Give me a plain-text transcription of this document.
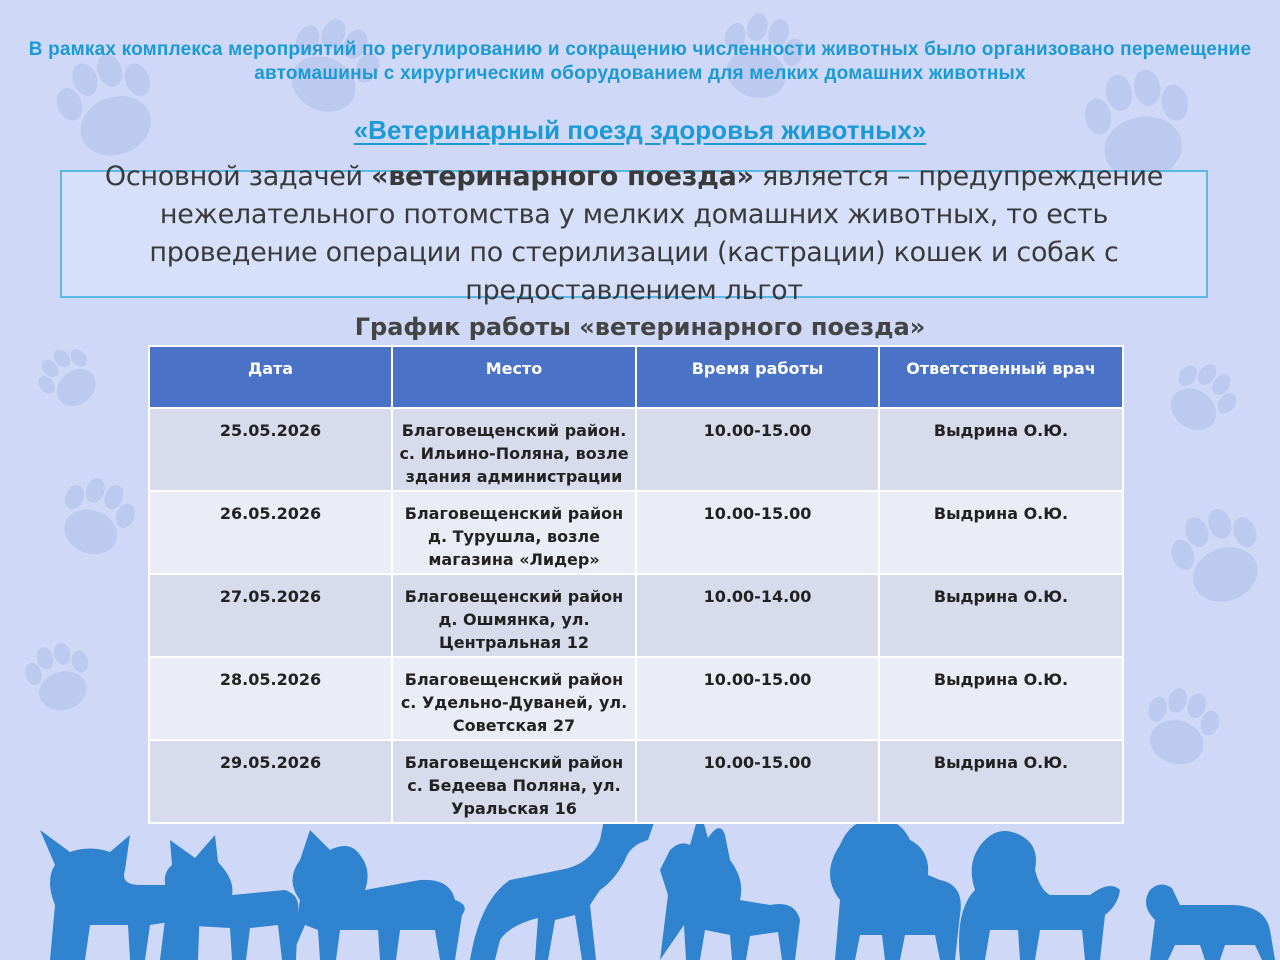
В рамках комплекса мероприятий по регулированию и сокращению численности животных было организовано перемещение автомашины с хирургическим оборудованием для мелких домашних животных
«Ветеринарный поезд здоровья животных»
Основной задачей «ветеринарного поезда» является – предупреждение нежелательного потомства у мелких домашних животных, то есть проведение операции по стерилизации (кастрации) кошек и собак с предоставлением льгот
График работы «ветеринарного поезда»
Дата	Место	Время работы	Ответственный врач
25.05.2026	Благовещенский район. с. Ильино-Поляна, возле здания администрации	10.00-15.00	Выдрина О.Ю.
26.05.2026	Благовещенский район д. Турушла, возле магазина «Лидер»	10.00-15.00	Выдрина О.Ю.
27.05.2026	Благовещенский район д. Ошмянка, ул. Центральная 12	10.00-14.00	Выдрина О.Ю.
28.05.2026	Благовещенский район с. Удельно-Дуваней, ул. Советская 27	10.00-15.00	Выдрина О.Ю.
29.05.2026	Благовещенский район с. Бедеева Поляна, ул. Уральская 16	10.00-15.00	Выдрина О.Ю.
